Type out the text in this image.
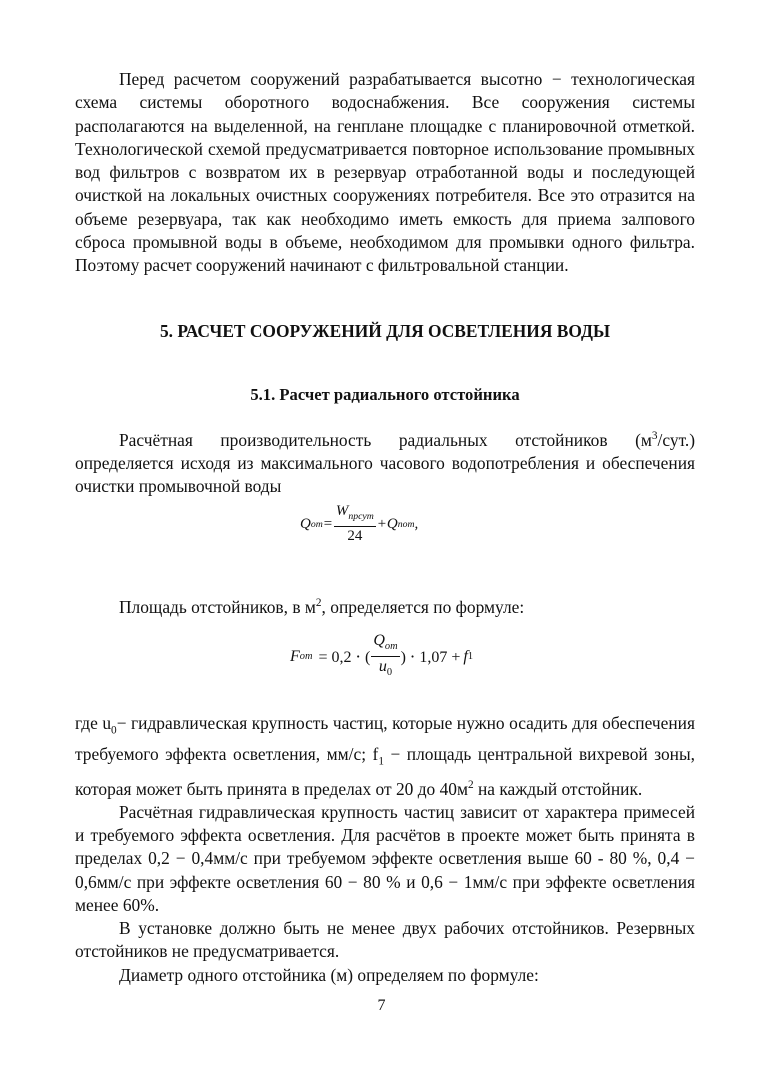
Перед расчетом сооружений разрабатывается высотно − технологическая схема системы оборотного водоснабжения. Все сооружения системы располагаются на выделенной, на генплане площадке с планировочной отметкой. Технологической схемой предусматривается повторное использование промывных вод фильтров с возвратом их в резервуар отработанной воды и последующей очисткой на локальных очистных сооружениях потребителя. Все это отразится на объеме резервуара, так как необходимо иметь емкость для приема залпового сброса промывной воды в объеме, необходимом для промывки одного фильтра. Поэтому расчет сооружений начинают с фильтровальной станции.

5. РАСЧЕТ СООРУЖЕНИЙ ДЛЯ ОСВЕТЛЕНИЯ ВОДЫ
5.1. Расчет радиального отстойника

Расчётная производительность радиальных отстойников $(м^3/сут.)$ определяется исходя из максимального часового водопотребления и обеспечения очистки промывочной воды

Q от = $\frac{W_{прсут}}{24} +Q$ пот ,

Площадь отстойников, в $м^2$, определяется по формуле:

F от = 0,2 ⋅ ( $\frac{Q_{от}}{u_0}$ ) ⋅ 1,07 + f 1

где $u_0-$ гидравлическая крупность частиц, которые нужно осадить для обеспечения требуемого эффекта осветления, мм/с; $f_1$ − площадь центральной вихревой зоны, которая может быть принята в пределах от 20 до $40м^2$ на каждый отстойник.

Расчётная гидравлическая крупность частиц зависит от характера примесей и требуемого эффекта осветления. Для расчётов в проекте может быть принята в пределах 0,2 − 0,4мм/с при требуемом эффекте осветления выше 60 - 80 %, 0,4 − 0,6мм/с при эффекте осветления 60 − 80 % и 0,6 − 1мм/с при эффекте осветления менее 60%.

В установке должно быть не менее двух рабочих отстойников. Резервных отстойников не предусматривается.

Диаметр одного отстойника (м) определяем по формуле:

7
